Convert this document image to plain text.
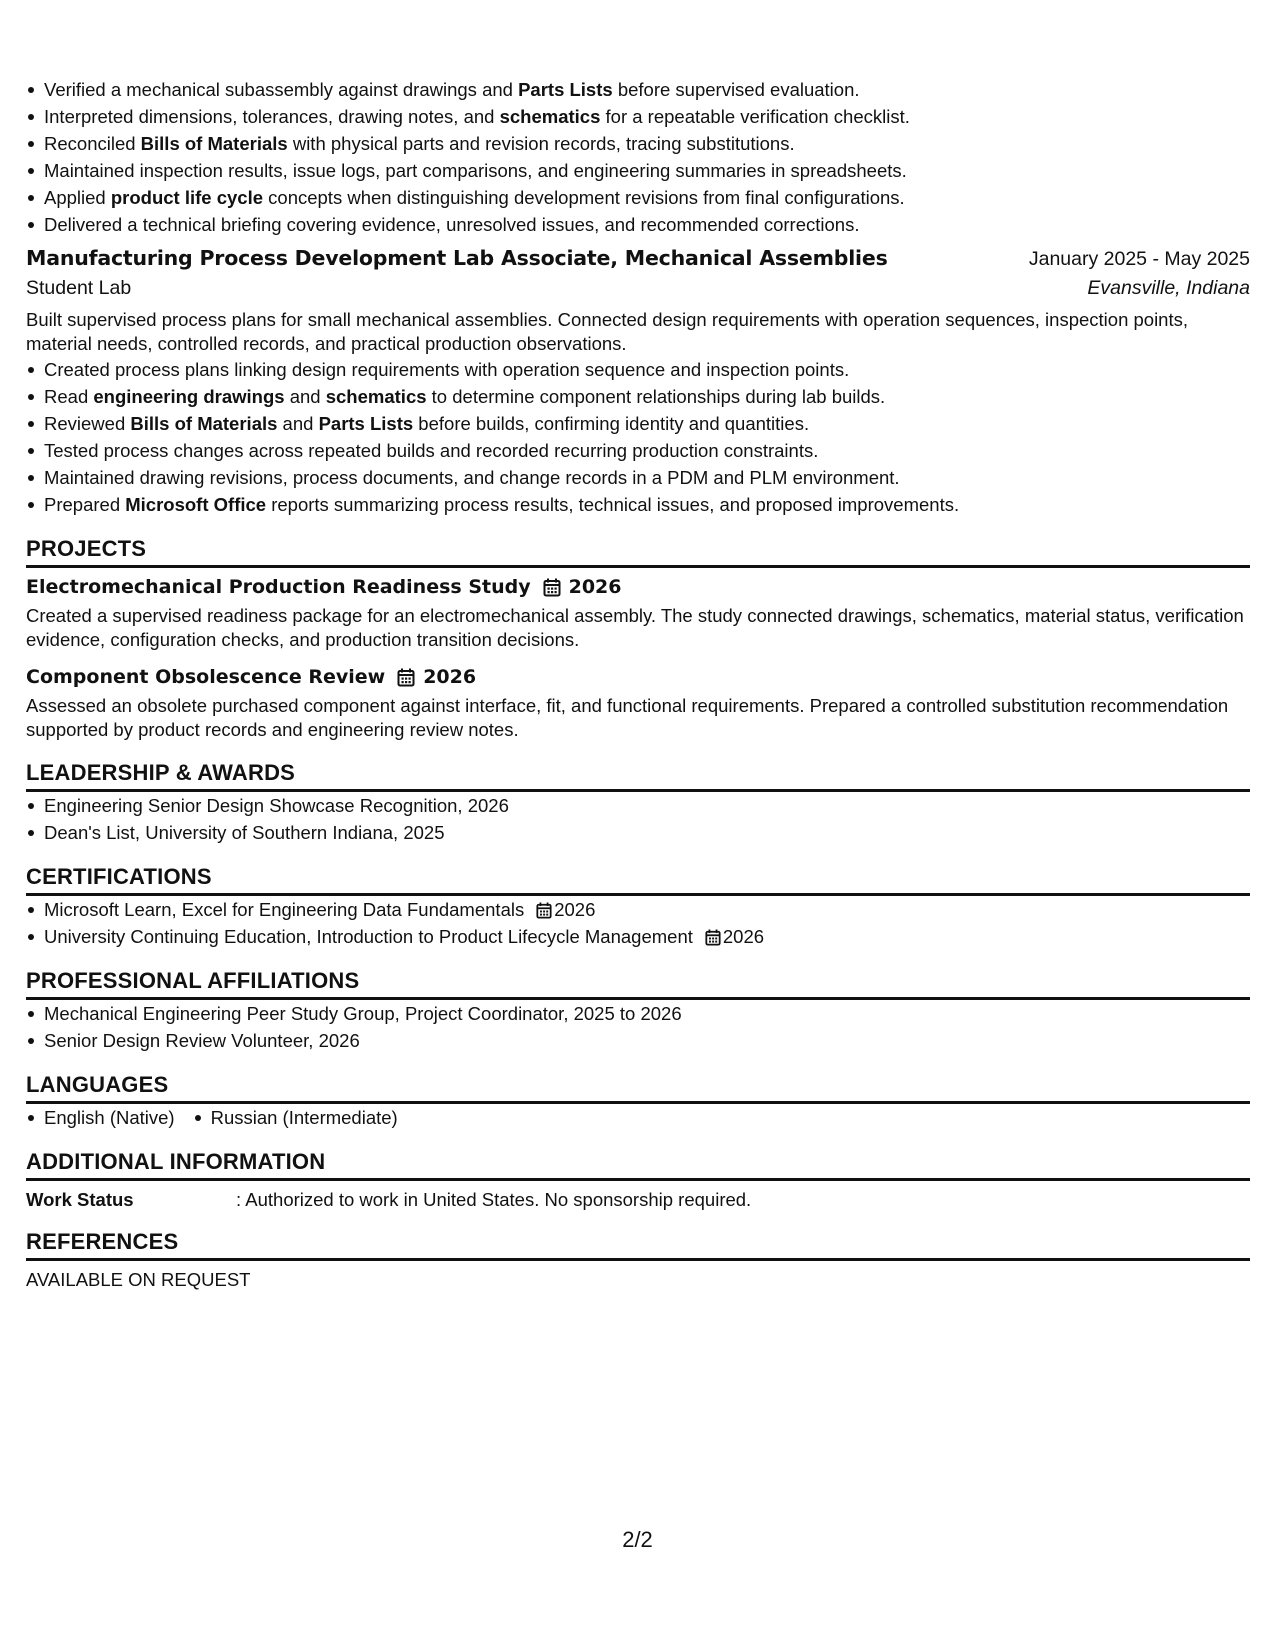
Verified a mechanical subassembly against drawings and Parts Lists before supervised evaluation.
Interpreted dimensions, tolerances, drawing notes, and schematics for a repeatable verification checklist.
Reconciled Bills of Materials with physical parts and revision records, tracing substitutions.
Maintained inspection results, issue logs, part comparisons, and engineering summaries in spreadsheets.
Applied product life cycle concepts when distinguishing development revisions from final configurations.
Delivered a technical briefing covering evidence, unresolved issues, and recommended corrections.
Manufacturing Process Development Lab Associate, Mechanical Assemblies	January 2025 - May 2025
Student Lab	Evansville, Indiana
Built supervised process plans for small mechanical assemblies. Connected design requirements with operation sequences, inspection points, material needs, controlled records, and practical production observations.
Created process plans linking design requirements with operation sequence and inspection points.
Read engineering drawings and schematics to determine component relationships during lab builds.
Reviewed Bills of Materials and Parts Lists before builds, confirming identity and quantities.
Tested process changes across repeated builds and recorded recurring production constraints.
Maintained drawing revisions, process documents, and change records in a PDM and PLM environment.
Prepared Microsoft Office reports summarizing process results, technical issues, and proposed improvements.
PROJECTS
Electromechanical Production Readiness Study 2026
Created a supervised readiness package for an electromechanical assembly. The study connected drawings, schematics, material status, verification evidence, configuration checks, and production transition decisions.
Component Obsolescence Review 2026
Assessed an obsolete purchased component against interface, fit, and functional requirements. Prepared a controlled substitution recommendation supported by product records and engineering review notes.
LEADERSHIP & AWARDS
Engineering Senior Design Showcase Recognition, 2026
Dean's List, University of Southern Indiana, 2025
CERTIFICATIONS
Microsoft Learn, Excel for Engineering Data Fundamentals 2026
University Continuing Education, Introduction to Product Lifecycle Management 2026
PROFESSIONAL AFFILIATIONS
Mechanical Engineering Peer Study Group, Project Coordinator, 2025 to 2026
Senior Design Review Volunteer, 2026
LANGUAGES
English (Native) Russian (Intermediate)
ADDITIONAL INFORMATION
Work Status	: Authorized to work in United States. No sponsorship required.
REFERENCES
AVAILABLE ON REQUEST
2/2
